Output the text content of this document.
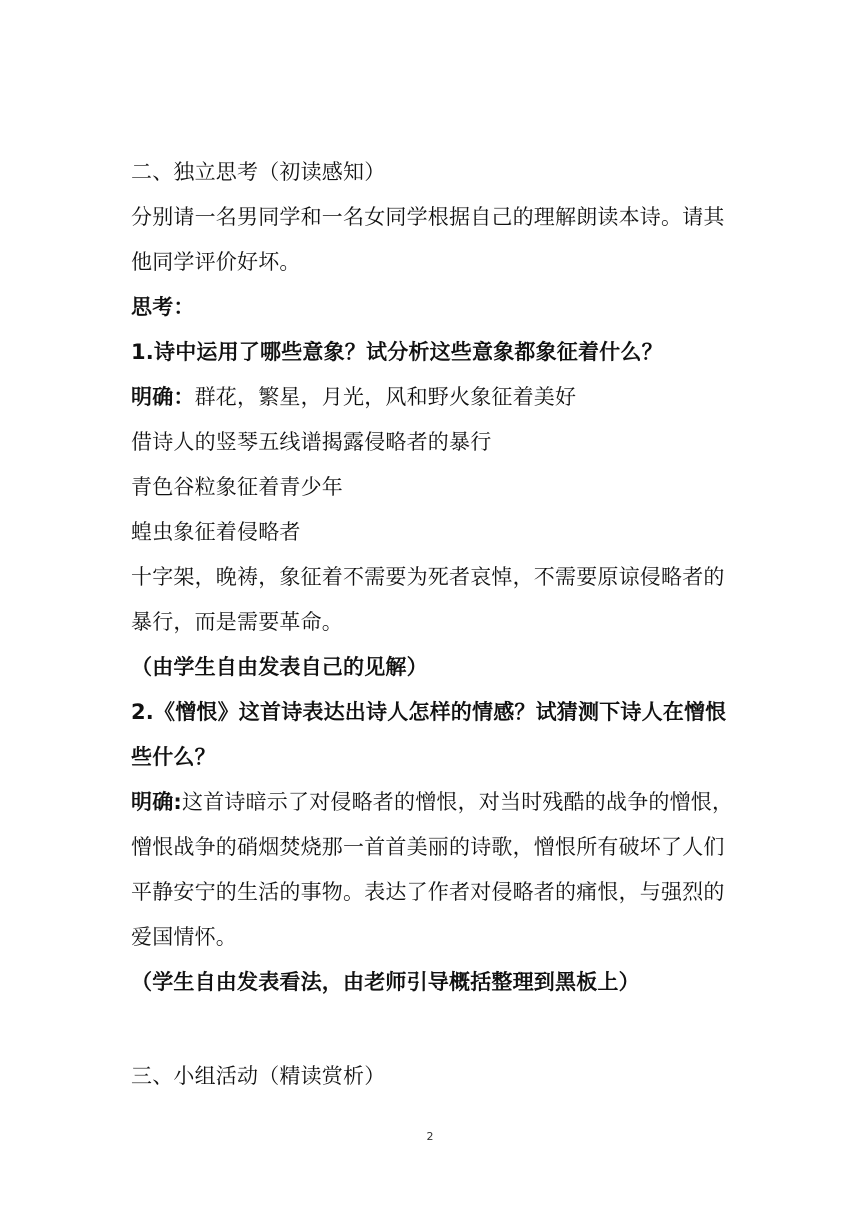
二、独立思考（初读感知）
分别请一名男同学和一名女同学根据自己的理解朗读本诗。请其
他同学评价好坏。
思考：
1.诗中运用了哪些意象？试分析这些意象都象征着什么？
明确：群花，繁星，月光，风和野火象征着美好
借诗人的竖琴五线谱揭露侵略者的暴行
青色谷粒象征着青少年
蝗虫象征着侵略者
十字架，晚祷，象征着不需要为死者哀悼，不需要原谅侵略者的
暴行，而是需要革命。
（由学生自由发表自己的见解）
2.《憎恨》这首诗表达出诗人怎样的情感？试猜测下诗人在憎恨
些什么？
明确:这首诗暗示了对侵略者的憎恨，对当时残酷的战争的憎恨，
憎恨战争的硝烟焚烧那一首首美丽的诗歌，憎恨所有破坏了人们
平静安宁的生活的事物。表达了作者对侵略者的痛恨，与强烈的
爱国情怀。
（学生自由发表看法，由老师引导概括整理到黑板上）
三、小组活动（精读赏析）
2
